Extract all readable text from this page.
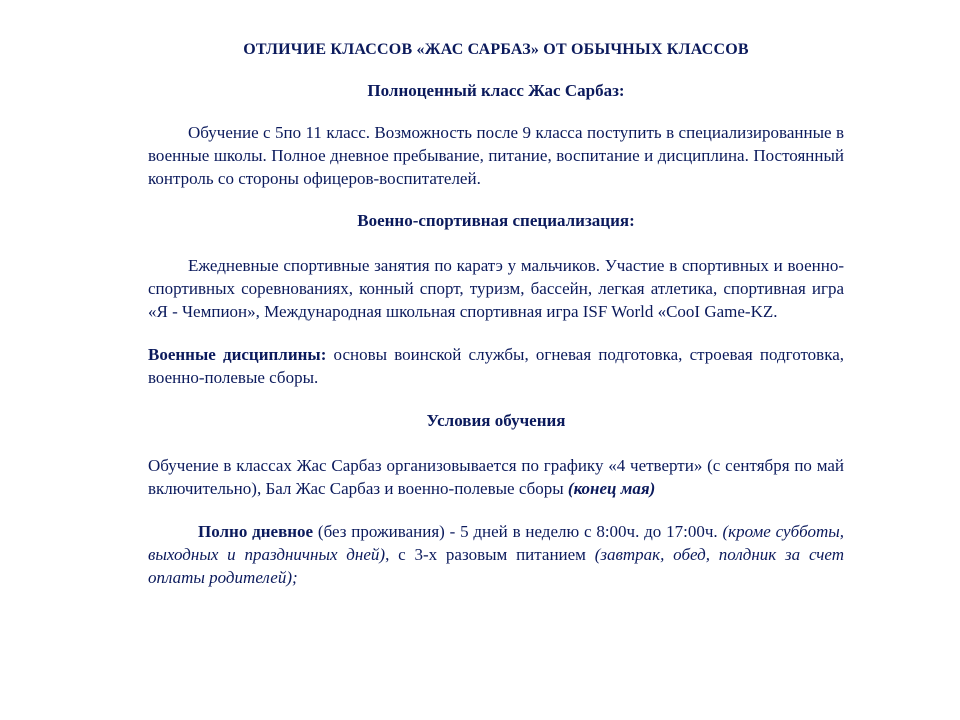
ОТЛИЧИЕ КЛАССОВ «ЖАС САРБАЗ» ОТ ОБЫЧНЫХ КЛАССОВ

Полноценный класс Жас Сарбаз:

Обучение с 5по 11 класс. Возможность после 9 класса поступить в специализированные в военные школы. Полное дневное пребывание, питание, воспитание и дисциплина. Постоянный контроль со стороны офицеров-воспитателей.

Военно-спортивная специализация:

Ежедневные спортивные занятия по каратэ у мальчиков. Участие в спортивных и военно-спортивных соревнованиях, конный спорт, туризм, бассейн, легкая атлетика, спортивная игра «Я - Чемпион», Международная школьная спортивная игра ISF World «CooI Game-KZ.

Военные дисциплины: основы воинской службы, огневая подготовка, строевая подготовка, военно-полевые сборы.

Условия обучения

Обучение в классах Жас Сарбаз организовывается по графику «4 четверти» (с сентября по май включительно), Бал Жас Сарбаз и военно-полевые сборы (конец мая)

Полно дневное (без проживания) - 5 дней в неделю с 8:00ч. до 17:00ч. (кроме субботы, выходных и праздничных дней), с 3-х разовым питанием (завтрак, обед, полдник за счет оплаты родителей);
